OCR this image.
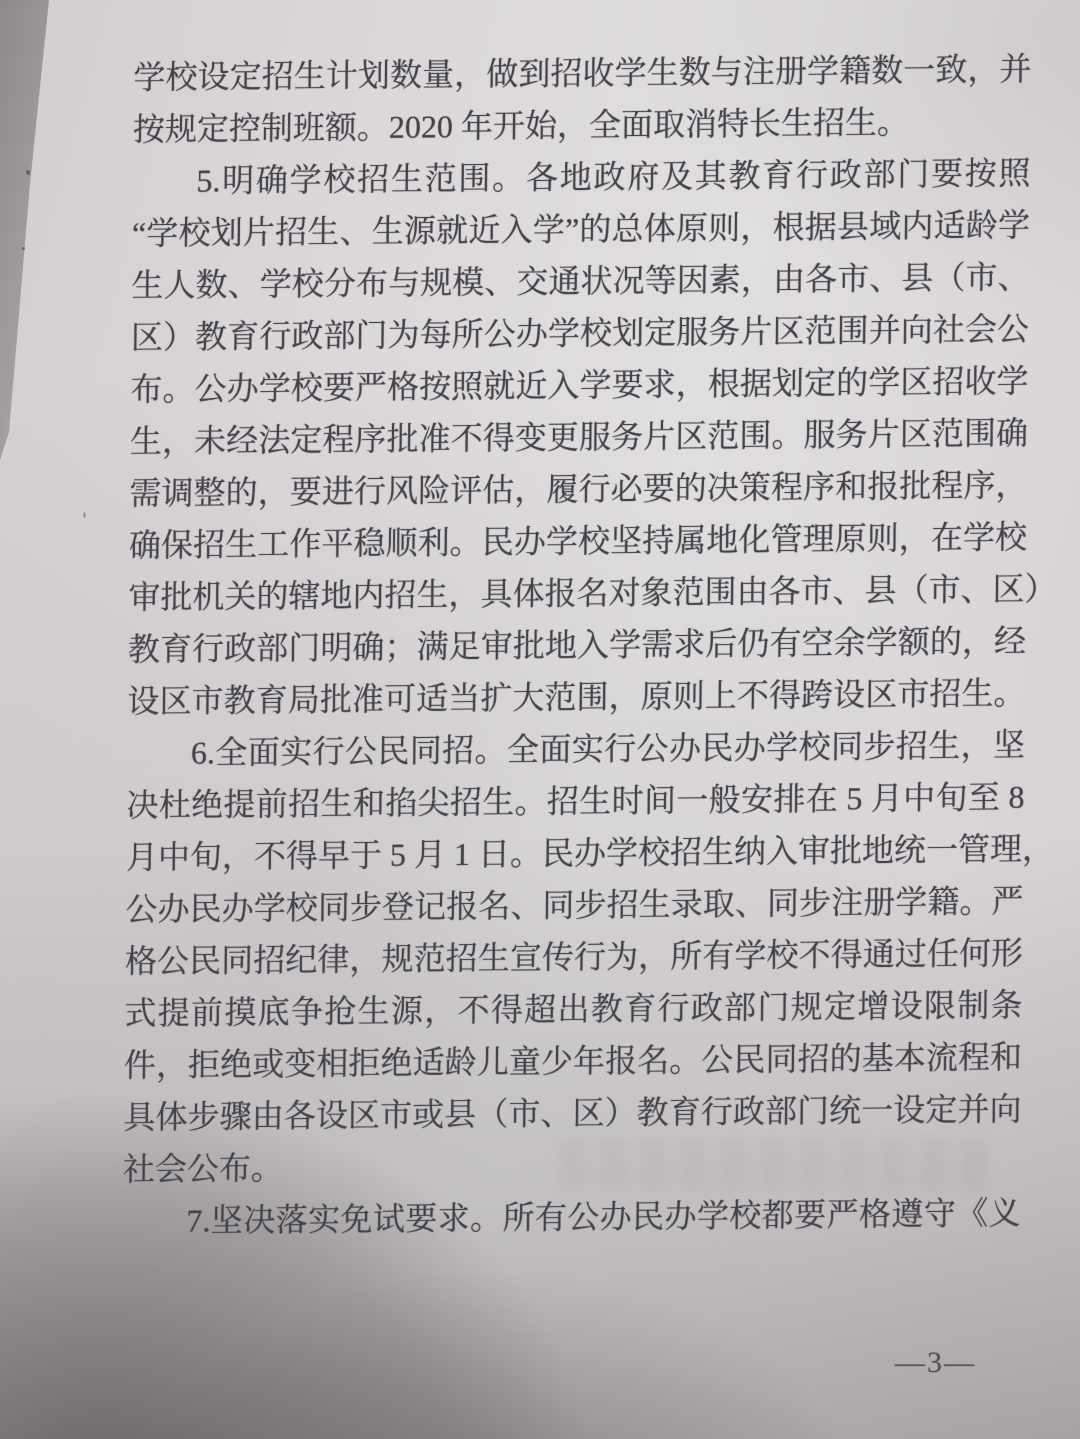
学校设定招生计划数量，做到招收学生数与注册学籍数一致，并
按规定控制班额。2020 年开始，全面取消特长生招生。
5.明确学校招生范围。各地政府及其教育行政部门要按照
“学校划片招生、生源就近入学”的总体原则，根据县域内适龄学
生人数、学校分布与规模、交通状况等因素，由各市、县（市、
区）教育行政部门为每所公办学校划定服务片区范围并向社会公
布。公办学校要严格按照就近入学要求，根据划定的学区招收学
生，未经法定程序批准不得变更服务片区范围。服务片区范围确
需调整的，要进行风险评估，履行必要的决策程序和报批程序，
确保招生工作平稳顺利。民办学校坚持属地化管理原则，在学校
审批机关的辖地内招生，具体报名对象范围由各市、县（市、区）
教育行政部门明确；满足审批地入学需求后仍有空余学额的，经
设区市教育局批准可适当扩大范围，原则上不得跨设区市招生。
6.全面实行公民同招。全面实行公办民办学校同步招生，坚
决杜绝提前招生和掐尖招生。招生时间一般安排在 5 月中旬至 8
月中旬，不得早于 5 月 1 日。民办学校招生纳入审批地统一管理，
公办民办学校同步登记报名、同步招生录取、同步注册学籍。严
格公民同招纪律，规范招生宣传行为，所有学校不得通过任何形
式提前摸底争抢生源，不得超出教育行政部门规定增设限制条
件，拒绝或变相拒绝适龄儿童少年报名。公民同招的基本流程和
具体步骤由各设区市或县（市、区）教育行政部门统一设定并向
社会公布。
7.坚决落实免试要求。所有公办民办学校都要严格遵守《义
—3—
